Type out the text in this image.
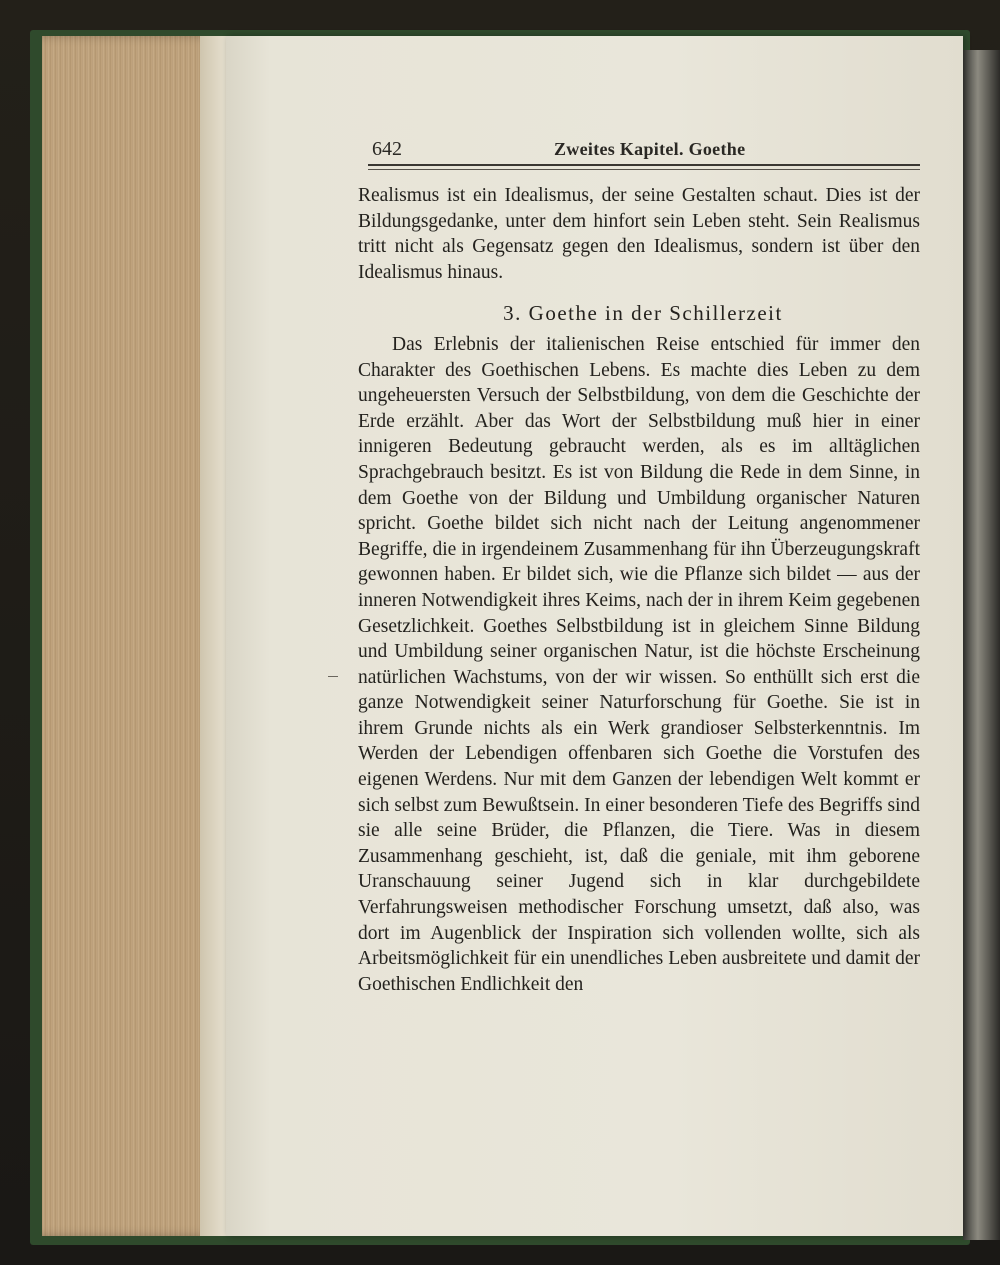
642	Zweites Kapitel. Goethe

Realismus ist ein Idealismus, der seine Gestalten schaut. Dies ist der Bildungsgedanke, unter dem hinfort sein Leben steht. Sein Realismus tritt nicht als Gegensatz gegen den Idealismus, sondern ist über den Idealismus hinaus.

3. Goethe in der Schillerzeit

Das Erlebnis der italienischen Reise entschied für immer den Charakter des Goethischen Lebens. Es machte dies Leben zu dem ungeheuersten Versuch der Selbstbildung, von dem die Geschichte der Erde erzählt. Aber das Wort der Selbstbildung muß hier in einer innigeren Bedeutung gebraucht werden, als es im alltäglichen Sprachgebrauch besitzt. Es ist von Bildung die Rede in dem Sinne, in dem Goethe von der Bildung und Umbildung organischer Naturen spricht. Goethe bildet sich nicht nach der Leitung angenommener Begriffe, die in irgendeinem Zusammenhang für ihn Überzeugungskraft gewonnen haben. Er bildet sich, wie die Pflanze sich bildet — aus der inneren Notwendigkeit ihres Keims, nach der in ihrem Keim gegebenen Gesetzlichkeit. Goethes Selbstbildung ist in gleichem Sinne Bildung und Umbildung seiner organischen Natur, ist die höchste Erscheinung natürlichen Wachstums, von der wir wissen. So enthüllt sich erst die ganze Notwendigkeit seiner Naturforschung für Goethe. Sie ist in ihrem Grunde nichts als ein Werk grandioser Selbsterkenntnis. Im Werden der Lebendigen offenbaren sich Goethe die Vorstufen des eigenen Werdens. Nur mit dem Ganzen der lebendigen Welt kommt er sich selbst zum Bewußtsein. In einer besonderen Tiefe des Begriffs sind sie alle seine Brüder, die Pflanzen, die Tiere. Was in diesem Zusammenhang geschieht, ist, daß die geniale, mit ihm geborene Uranschauung seiner Jugend sich in klar durchgebildete Verfahrungsweisen methodischer Forschung umsetzt, daß also, was dort im Augenblick der Inspiration sich vollenden wollte, sich als Arbeitsmöglichkeit für ein unendliches Leben ausbreitete und damit der Goethischen Endlichkeit den
